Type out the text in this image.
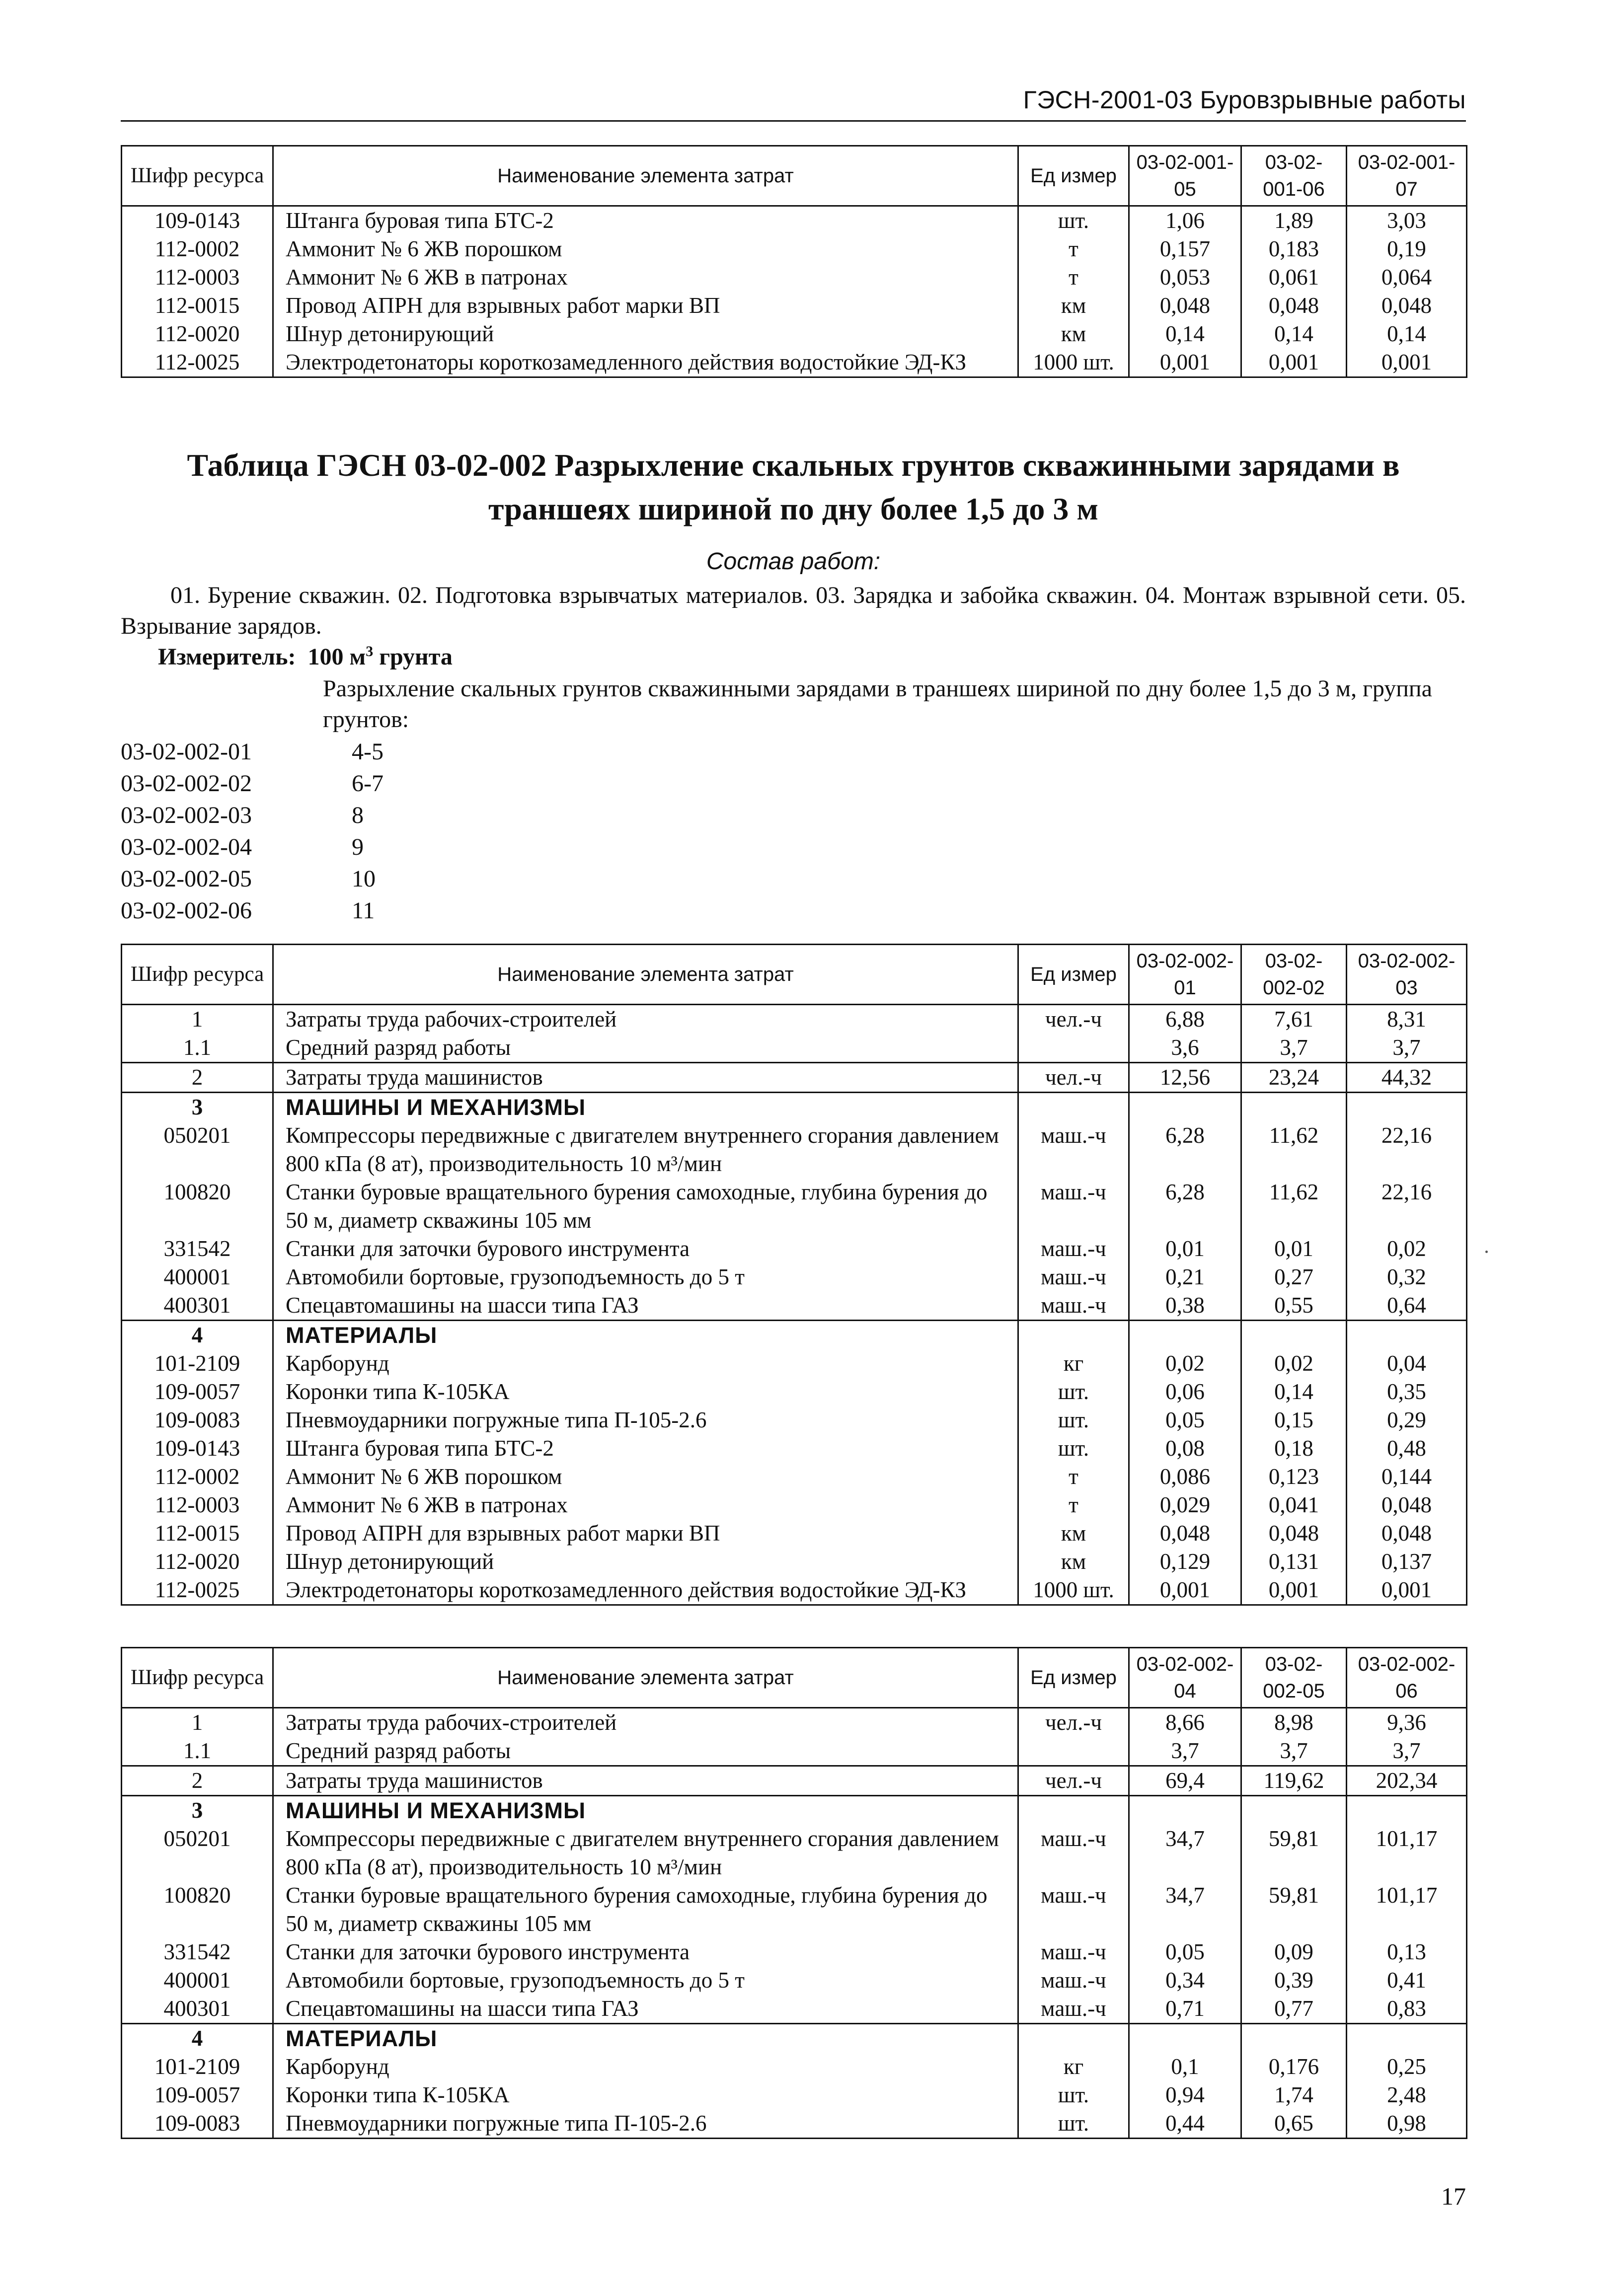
ГЭСН-2001-03 Буровзрывные работы
Шифр ресурса	Наименование элемента затрат	Ед измер	03-02-001-05	03-02-001-06	03-02-001-07
109-0143	Штанга буровая типа БТС-2	шт.	1,06	1,89	3,03
112-0002	Аммонит № 6 ЖВ порошком	т	0,157	0,183	0,19
112-0003	Аммонит № 6 ЖВ в патронах	т	0,053	0,061	0,064
112-0015	Провод АПРН для взрывных работ марки ВП	км	0,048	0,048	0,048
112-0020	Шнур детонирующий	км	0,14	0,14	0,14
112-0025	Электродетонаторы короткозамедленного действия водостойкие ЭД-КЗ	1000 шт.	0,001	0,001	0,001
Таблица ГЭСН 03-02-002 Разрыхление скальных грунтов скважинными зарядами в
траншеях шириной по дну более 1,5 до 3 м
Состав работ:
01. Бурение скважин. 02. Подготовка взрывчатых материалов. 03. Зарядка и забойка скважин. 04. Монтаж взрывной сети. 05. Взрывание зарядов.
Измеритель: 100 $м^3$ грунта
Разрыхление скальных грунтов скважинными зарядами в траншеях шириной по дну более 1,5 до 3 м, группа грунтов:
03-02-002-01	4-5
03-02-002-02	6-7
03-02-002-03	8
03-02-002-04	9
03-02-002-05	10
03-02-002-06	11
Шифр ресурса	Наименование элемента затрат	Ед измер	03-02-002-01	03-02-002-02	03-02-002-03
1	Затраты труда рабочих-строителей	чел.-ч	6,88	7,61	8,31
1.1	Средний разряд работы		3,6	3,7	3,7
2	Затраты труда машинистов	чел.-ч	12,56	23,24	44,32
3	МАШИНЫ И МЕХАНИЗМЫ				
050201	Компрессоры передвижные с двигателем внутреннего сгорания давлением 800 кПа (8 ат), производительность 10 м³/мин	маш.-ч	6,28	11,62	22,16
100820	Станки буровые вращательного бурения самоходные, глубина бурения до 50 м, диаметр скважины 105 мм	маш.-ч	6,28	11,62	22,16
331542	Станки для заточки бурового инструмента	маш.-ч	0,01	0,01	0,02
400001	Автомобили бортовые, грузоподъемность до 5 т	маш.-ч	0,21	0,27	0,32
400301	Спецавтомашины на шасси типа ГАЗ	маш.-ч	0,38	0,55	0,64
4	МАТЕРИАЛЫ				
101-2109	Карборунд	кг	0,02	0,02	0,04
109-0057	Коронки типа К-105КА	шт.	0,06	0,14	0,35
109-0083	Пневмоударники погружные типа П-105-2.6	шт.	0,05	0,15	0,29
109-0143	Штанга буровая типа БТС-2	шт.	0,08	0,18	0,48
112-0002	Аммонит № 6 ЖВ порошком	т	0,086	0,123	0,144
112-0003	Аммонит № 6 ЖВ в патронах	т	0,029	0,041	0,048
112-0015	Провод АПРН для взрывных работ марки ВП	км	0,048	0,048	0,048
112-0020	Шнур детонирующий	км	0,129	0,131	0,137
112-0025	Электродетонаторы короткозамедленного действия водостойкие ЭД-КЗ	1000 шт.	0,001	0,001	0,001
Шифр ресурса	Наименование элемента затрат	Ед измер	03-02-002-04	03-02-002-05	03-02-002-06
1	Затраты труда рабочих-строителей	чел.-ч	8,66	8,98	9,36
1.1	Средний разряд работы		3,7	3,7	3,7
2	Затраты труда машинистов	чел.-ч	69,4	119,62	202,34
3	МАШИНЫ И МЕХАНИЗМЫ				
050201	Компрессоры передвижные с двигателем внутреннего сгорания давлением 800 кПа (8 ат), производительность 10 м³/мин	маш.-ч	34,7	59,81	101,17
100820	Станки буровые вращательного бурения самоходные, глубина бурения до 50 м, диаметр скважины 105 мм	маш.-ч	34,7	59,81	101,17
331542	Станки для заточки бурового инструмента	маш.-ч	0,05	0,09	0,13
400001	Автомобили бортовые, грузоподъемность до 5 т	маш.-ч	0,34	0,39	0,41
400301	Спецавтомашины на шасси типа ГАЗ	маш.-ч	0,71	0,77	0,83
4	МАТЕРИАЛЫ				
101-2109	Карборунд	кг	0,1	0,176	0,25
109-0057	Коронки типа К-105КА	шт.	0,94	1,74	2,48
109-0083	Пневмоударники погружные типа П-105-2.6	шт.	0,44	0,65	0,98
17
